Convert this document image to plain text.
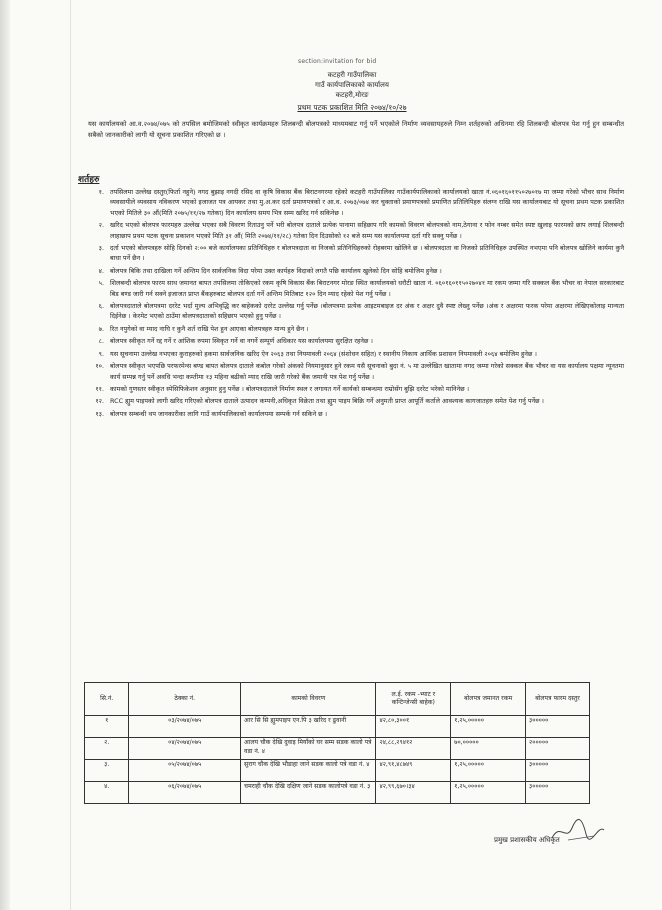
section:invitation for bid
कटहरी गाउँपालिका
गाउँ कार्यपालिकाको कार्यालय
कटहरी,मोरङ
प्रथम पटक प्रकाशित मिति २०७४/१०/२७
यस कार्यालयको आ.व.२०७४/०७५ को तपसिल बमोजिमको स्वीकृत कार्यक्रमहरु शिलबन्दी बोलपत्रको माध्यमबाट गर्नु पर्ने भएकोले निर्माण व्यवसायहरुले निम्न शर्तहरुको अधिनमा रहि शिलबन्दी बोलपत्र पेश गर्नु हुन सम्बन्धीत सबैको जानकारीको लागी यो सूचना प्रकाशित गरिएको छ ।
शर्तहरु
१. तपसिलमा उल्लेख दस्तुर(फिर्ता नहुने) नगद बुझाइ नगदी रसिद वा कृषि विकास बैंक बिराटनगरमा रहेको कटहरी गाउँपालिका गाउँकार्यपालिकाको कार्यालयको खाता नं.०६०१६०११५०२७०१७ मा जम्मा गरेको भौचर साथ निर्माण व्यवसायीले व्यवसाय नविकरण भएको इजाजत पत्र आयकर तथा मु.अ.कर दर्ता प्रमाणपत्रको र आ.व. २०७३/०७४ कर चुक्ताको प्रमाणपत्रको प्रमाणित प्रतिलिपिहरु संलग्न राखि यस कार्यालयबाट यो सूचना प्रथम पटक प्रकाशित भएको मितिले ३० औं(मिति २०७५/११/२७ गतेका) दिन कार्यालय समय भित्र सम्म खरिद गर्न सकिनेछ ।
२. खरिद भएको बोलपत्र फारमहरु उल्लेख भएका सबै विवरण रिताउनु पर्ने भरी बोलपत्र दाताले प्रत्येक पानामा सहिछाप गरि कामको विवरण बोलपत्रको नाम,ठेगाना र फोन नम्बर समेत स्पष्ट खुलाइ फारमको छाप लगाई शिलबन्दी लाहाछाप प्रथम पटक सूचना प्रकाशन भएको मिति ३१ औं( मिति २०७४/११/२८) गतेका दिन दिउसोको १२ बजे सम्म यस कार्यालयमा दर्ता गरि सक्नु पर्नेछ ।
३. दर्ता भएको बोलपत्रहरु सोहि दिनको २:०० बजे कार्यालयका प्रतिनिधिहरु र बोलपत्रदाता वा निजको प्रतिनिधिहरुको रोहबरमा खोलिने छ । बोलपत्रदाता वा निजको प्रतिनिधिहरु उपस्थित नभएमा पनि बोलपत्र खोलिने कार्यमा कुनै बाधा पर्ने छैन ।
४. बोलपत्र बिकि तथा दाखिला गर्ने अन्तिम दिन सार्वजनिक विदा परेमा उक्त कार्यहरु विदाको लगतै पछि कार्यालय खुलेको दिन सोहि बमोजिम हुनेछ ।
५. शिलबन्दी बोलपत्र फारम साथ जमानत बापत तपसिलमा तोकिएको रकम कृषि विकास बैंक बिराटनगर मोरङ स्थित कार्यालयको धरौटी खाता नं. ०६०१६०११५०२७०४१ मा रकम जम्मा गरि सक्कल बैंक भौचर वा नेपाल सरकारबाट बिड बण्ड जारी गर्न सक्ने इजाजत प्राप्त बैंकहरुबाट बोलपत्र दर्ता गर्ने अन्तिम मितिबाट १२० दिन म्याद रहेको पेश गर्नु पर्नेछ ।
६. बोलपत्रदाताले बोलपत्रमा दररेट भर्दा मुल्य अभिवृद्धि कर बाहेकको दररेट उल्लेख गर्नु पर्नेछ ।बोलपत्रमा प्रत्येक आइटमबाइज दर अंक र अक्षर दुवै स्पष्ट लेख्नु पर्नेछ ।अंक र अक्षरमा फरक परेमा अक्षरमा लेखिएकोलाइ मान्यता दिईनेछ । केरमेट भएको ठाउँमा बोलपत्रदाताको सहिछाप भएको हुनु पर्नेछ ।
७. रित नपुगेको वा म्याद नाघि र कुनै शर्त राखि पेश हुन आएका बोलपत्रहरु मान्य हुने छैन ।
८. बोलपत्र स्वीकृत गर्ने रद्द गर्ने र आंशिक रुपमा स्विकृत गर्ने वा नगर्ने सम्पूर्ण अधिकार यस कार्यालयमा सुरक्षित रहनेछ ।
९. यस सूचनामा उल्लेख नभएका कुराहरुको हकमा सार्वजनिक खरिद ऐन २०६३ तथा नियमावली २०६४ (संशोधन सहित) र स्थानीय निकाय आर्थिक प्रशासन नियमावली २०६४ बमोजिम हुनेछ ।
१०. बोलपत्र स्वीकृत भएपछि परफरमेन्स बण्ड बापत बोलपत्र दाताले कबोल गरेको अंकको नियमानुसार हुने रकम यसै सूचनाको बुदा नं. ५ मा उल्लेखित खातामा नगद जम्मा गरेको सक्कल बैंक भौचर वा यस कार्यालय पक्षमा न्यूनतमा कार्य सम्पन्न गर्नु पर्ने अवधि भन्दा कम्तीमा १३ महिना बढीको म्याद राखि जारी गरेको बैंक जमानी पत्र पेश गर्नु पर्नेछ ।
११. कामको गुणस्तर स्वीकृत स्पेसिफिकेशन अनुसार हुनु पर्नेछ । बोलपत्रदाताले निर्माण स्थल र लगायत गर्ने कार्यको सम्बन्धमा राम्रोसँग बुझि दररेट भरेको मानिनेछ ।
१२. RCC ह्युम पाइपको लागी खरिद गरिएको बोलपत्र दाताले उत्पादन कम्पनी,अधिकृत विक्रेता तथा ह्युम पाइप बिक्रि गर्ने अनुमती प्राप्त आपूर्ति कर्ताले आवश्यक कागजातहरु समेत पेश गर्नु पर्नेछ ।
१३. बोलपत्र सम्बन्धी थप जानकारीका लागि गाउँ कार्यपालिकाको कार्यालयमा सम्पर्क गर्न सकिने छ ।
सि.नं.	ठेक्का नं.	कामको विवरण	ल.ई. रकम -भ्याट र कन्टिन्जेन्सी बाहेक)	बोलपत्र जमानत रकम	बोलपत्र फारम दस्तुर
१	०३/२०७४/०७५	आर सि सि ह्युमपाइप एन.पि ३ खरिद र ढुवानी	४२,८०,३००१	१,२५,०००००	३०००००
२.	०४/२०७४/०७५	आलय चौक देखि दुवाइ मियाँको घर सम्म सडक कालो पत्रे वडा नं. ४	२४,८८,२९४१२	७०,०००००	२०००००
३.	०५/२०७४/०७५	सुराग चौक देखि भौडाहा जाने सडक कालो पत्रे वडा नं. ४	४२,९१,४८७४९	१,२५,०००००	३०००००
४.	०६/२०७४/०७५	चमराही चौक देखि दक्षिण जाने सडक कालोपत्रे वडा नं. ३	४२,९९,६७०।३४	१,२५,०००००	३०००००
प्रमुख प्रशासकीय अधिकृत
